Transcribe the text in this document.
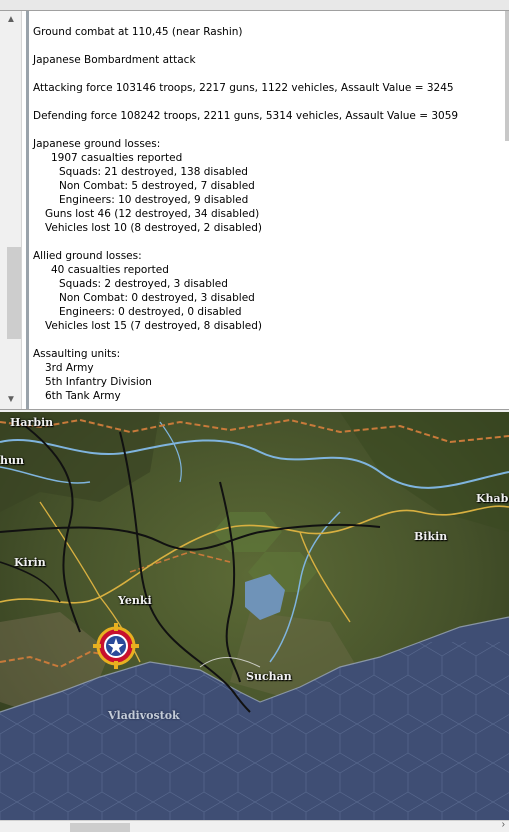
▲
▼
Ground combat at 110,45 (near Rashin)
Japanese Bombardment attack
Attacking force 103146 troops, 2217 guns, 1122 vehicles, Assault Value = 3245
Defending force 108242 troops, 2211 guns, 5314 vehicles, Assault Value = 3059
Japanese ground losses:
1907 casualties reported
Squads: 21 destroyed, 138 disabled
Non Combat: 5 destroyed, 7 disabled
Engineers: 10 destroyed, 9 disabled
Guns lost 46 (12 destroyed, 34 disabled)
Vehicles lost 10 (8 destroyed, 2 disabled)
Allied ground losses:
40 casualties reported
Squads: 2 destroyed, 3 disabled
Non Combat: 0 destroyed, 3 disabled
Engineers: 0 destroyed, 0 disabled
Vehicles lost 15 (7 destroyed, 8 disabled)
Assaulting units:
3rd Army
5th Infantry Division
6th Tank Army
Harbin
hun
Khab
Bikin
Kirin
Yenki
Suchan
Vladivostok
›
